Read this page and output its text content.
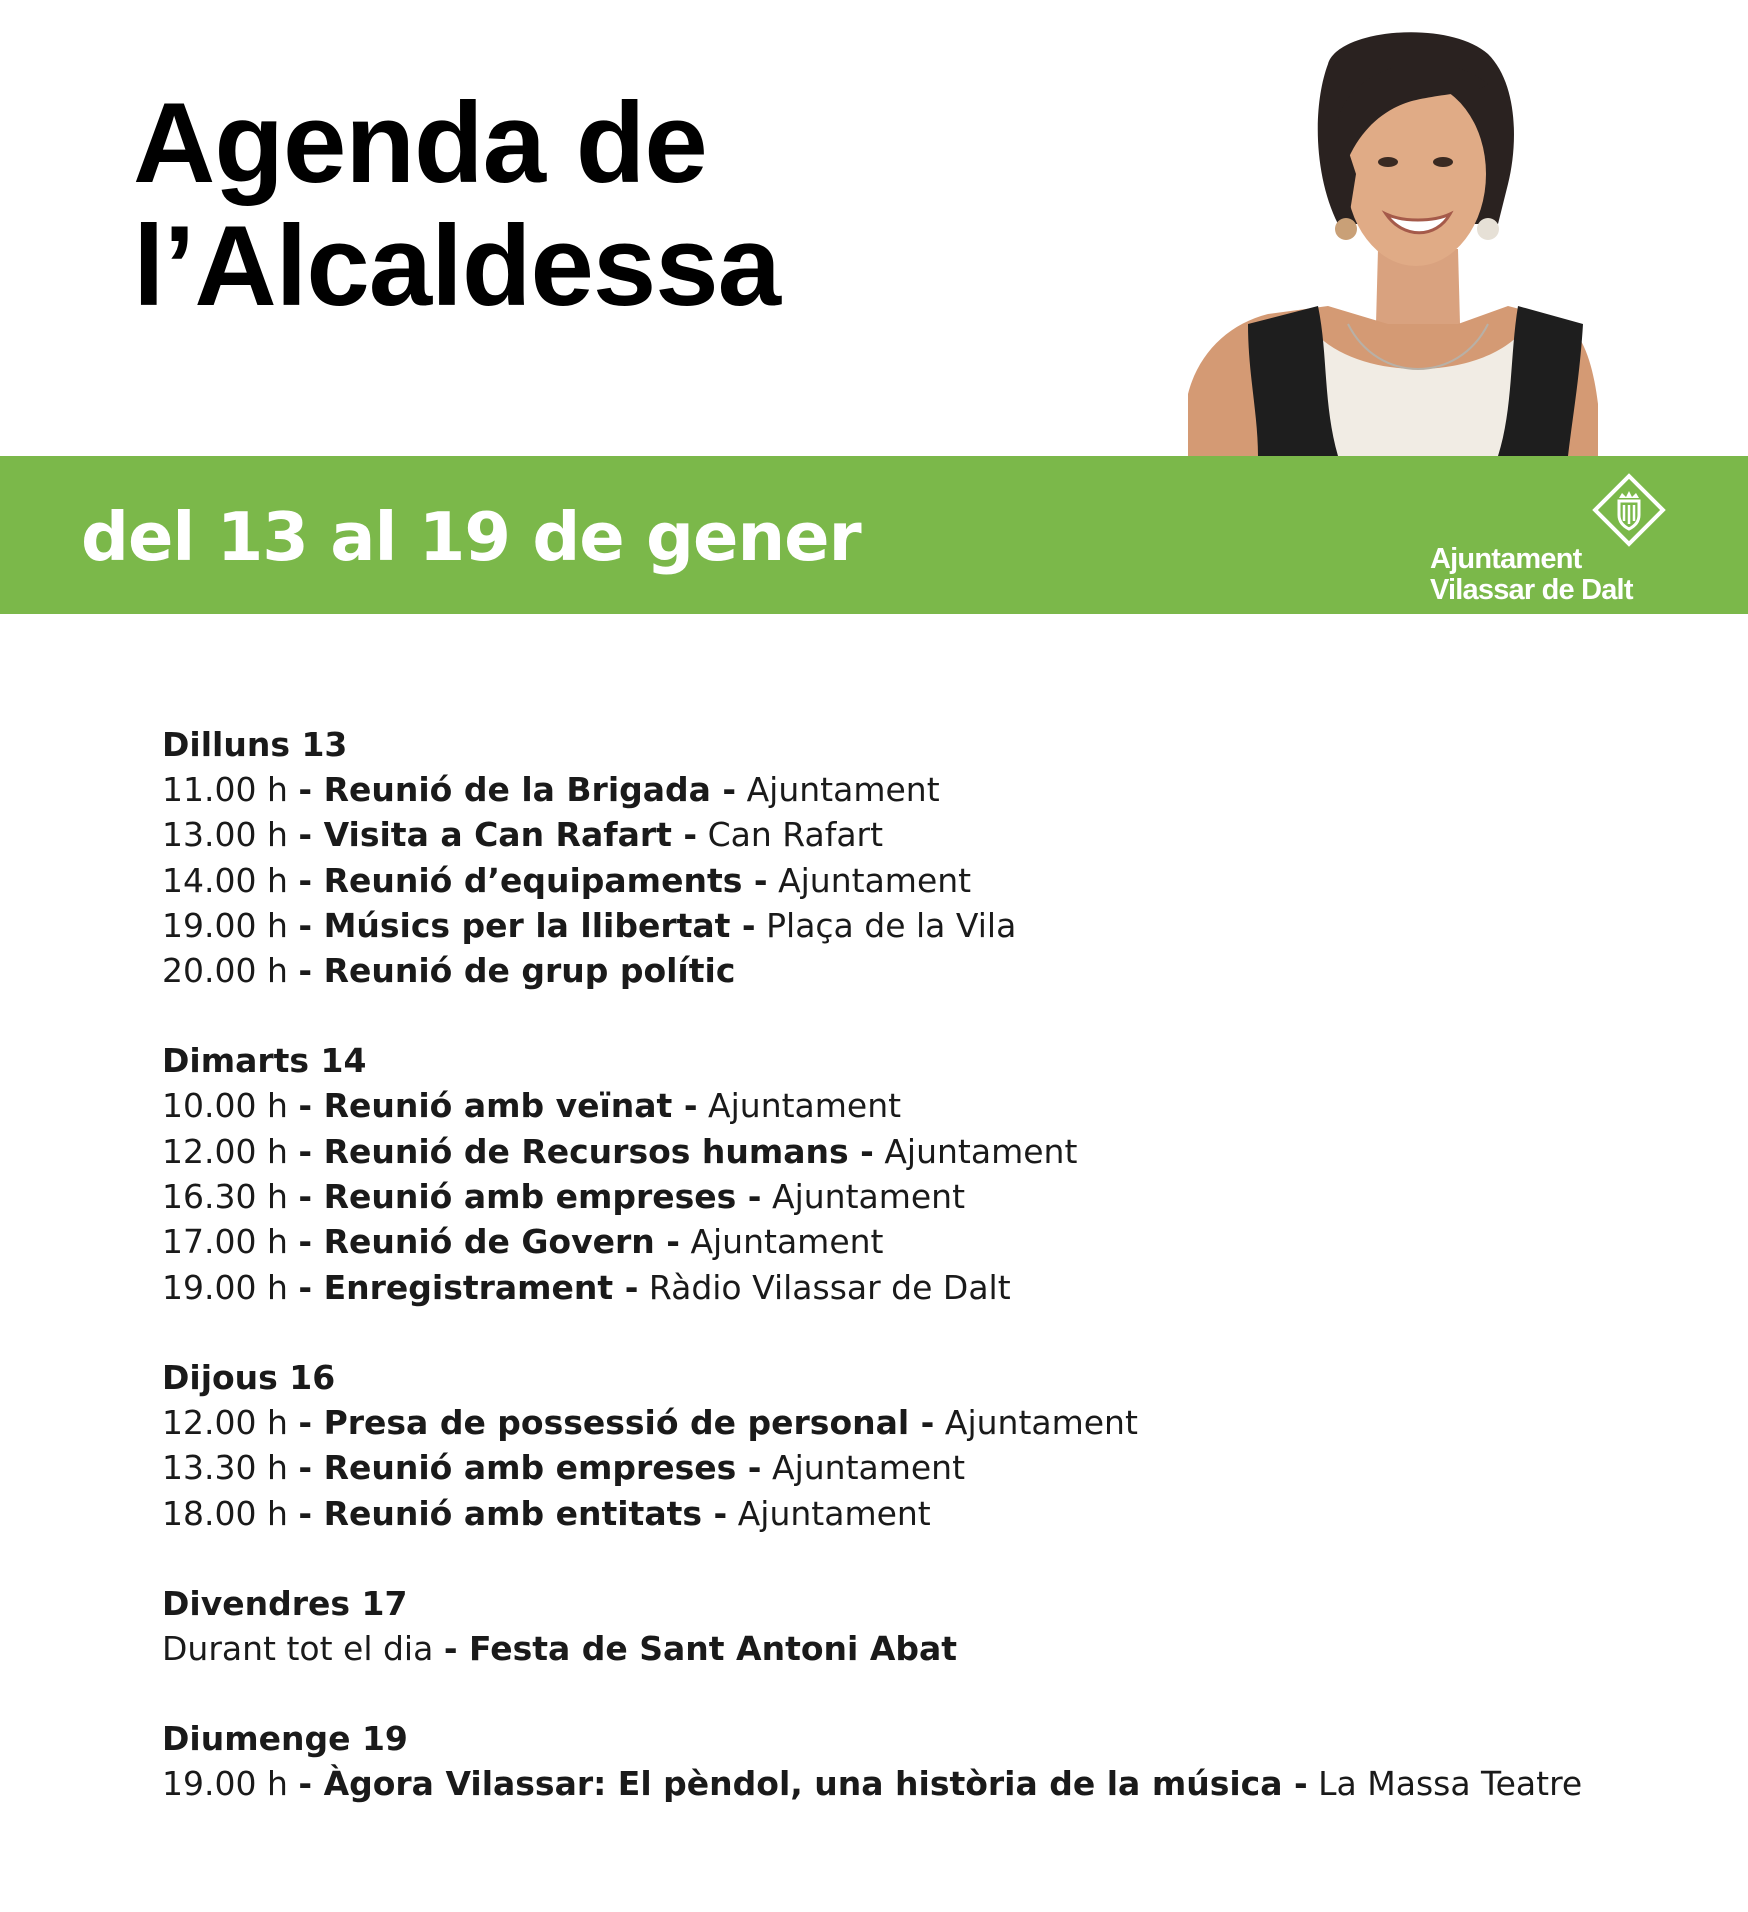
Agenda de
l’Alcaldessa
del 13 al 19 de gener	Ajuntament
Vilassar de Dalt
Dilluns 13
11.00 h - Reunió de la Brigada - Ajuntament
13.00 h - Visita a Can Rafart - Can Rafart
14.00 h - Reunió d’equipaments - Ajuntament
19.00 h - Músics per la llibertat - Plaça de la Vila
20.00 h - Reunió de grup polític
Dimarts 14
10.00 h - Reunió amb veïnat - Ajuntament
12.00 h - Reunió de Recursos humans - Ajuntament
16.30 h - Reunió amb empreses - Ajuntament
17.00 h - Reunió de Govern - Ajuntament
19.00 h - Enregistrament - Ràdio Vilassar de Dalt
Dijous 16
12.00 h - Presa de possessió de personal - Ajuntament
13.30 h - Reunió amb empreses - Ajuntament
18.00 h - Reunió amb entitats - Ajuntament
Divendres 17
Durant tot el dia - Festa de Sant Antoni Abat
Diumenge 19
19.00 h - Àgora Vilassar: El pèndol, una història de la música - La Massa Teatre
